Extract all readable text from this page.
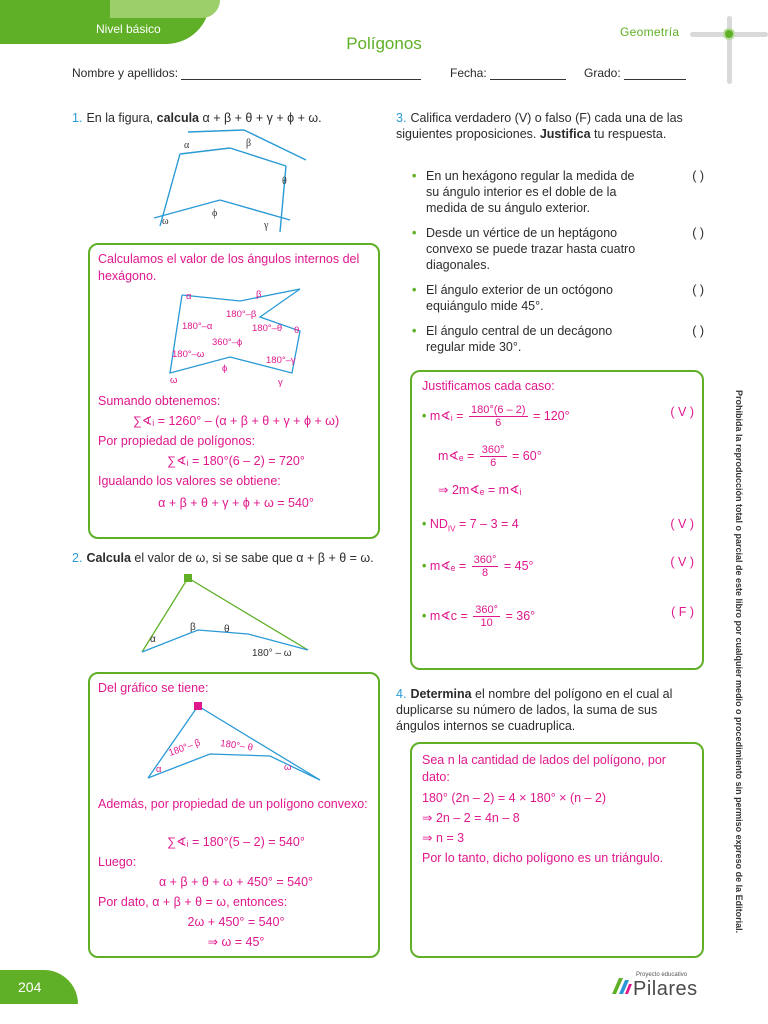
Nivel básico
Polígonos
Geometría
Nombre y apellidos:	Fecha:	Grado:
1. En la figura, calcula α + β + θ + γ + ϕ + ω.
α	β
θ
γ
ϕ
ω
Calculamos el valor de los ángulos internos del hexágono.
α	β
180°–β
180°–α	180°–θ θ
360°–ϕ
180°–ω
ϕ
ω
180°–γ
γ
Sumando obtenemos:
∑∢ᵢ = 1260° – (α + β + θ + γ + ϕ + ω)
Por propiedad de polígonos:
∑∢ᵢ = 180°(6 – 2) = 720°
Igualando los valores se obtiene:
α + β + θ + γ + ϕ + ω = 540°
2. Calcula el valor de ω, si se sabe que α + β + θ = ω.
α
β	θ
180° – ω
Del gráfico se tiene:
α
180°– β 180°– θ
ω
Además, por propiedad de un polígono convexo:
∑∢ᵢ = 180°(5 – 2) = 540°
Luego:
α + β + θ + ω + 450° = 540°
Por dato, α + β + θ = ω, entonces:
2ω + 450° = 540°
⇒ ω = 45°
3. Califica verdadero (V) o falso (F) cada una de las siguientes proposiciones. Justifica tu respuesta.
• En un hexágono regular la medida de su ángulo interior es el doble de la medida de su ángulo exterior.
( )
• Desde un vértice de un heptágono convexo se puede trazar hasta cuatro diagonales.
( )
• El ángulo exterior de un octógono equiángulo mide 45°.
( )
• El ángulo central de un decágono regular mide 30°.
( )
Justificamos cada caso:
• m∢ᵢ = $\frac{180^\circ(6 - 2)}{6} = 120^\circ$	( V )
m∢ₑ = $\frac{360^\circ}{6} = 60^\circ$
⇒ 2m∢ₑ = m∢ᵢ
• $ND_{IV} = 7 - 3 = 4$	( V )
• m∢ₑ = $\frac{360^\circ}{8} = 45^\circ$	( V )
• m∢c = $\frac{360^\circ}{10} = 36^\circ$	( F )
4. Determina el nombre del polígono en el cual al duplicarse su número de lados, la suma de sus ángulos internos se cuadruplica.
Sea n la cantidad de lados del polígono, por dato:
180° (2n – 2) = 4 × 180° × (n – 2)
⇒ 2n – 2 = 4n – 8
⇒ n = 3
Por lo tanto, dicho polígono es un triángulo.	Prohibida la reproducción total o parcial de este libro por cualquier medio o procedimiento sin permiso expreso de la Editorial.
204
Proyecto educativo
Pilares
